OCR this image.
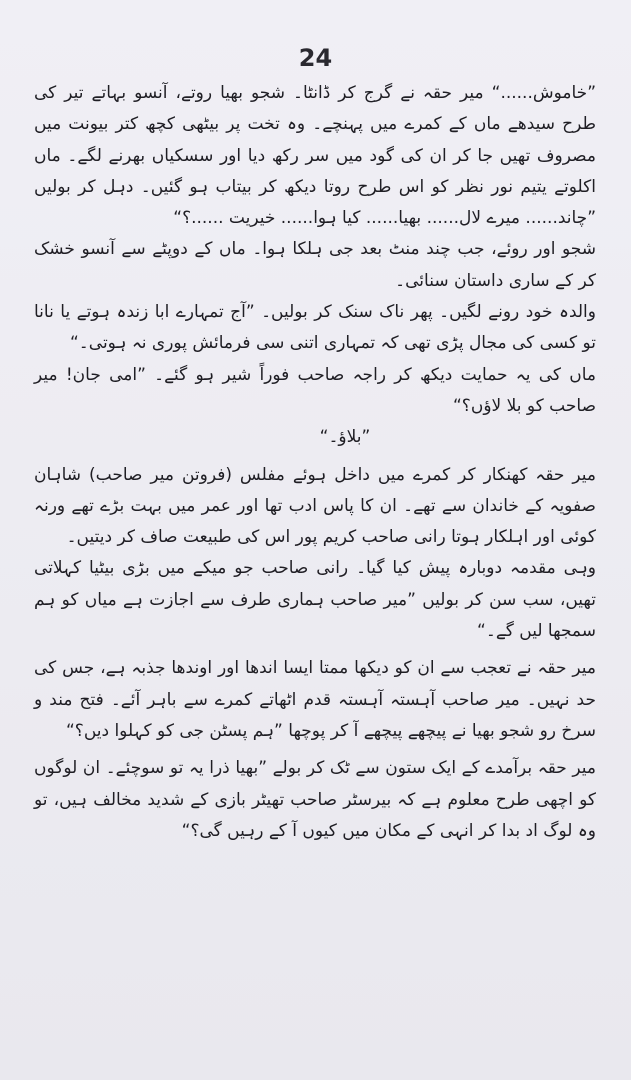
24

”خاموش......“ میر حقہ نے گرج کر ڈانٹا۔ شجو بھیا روتے، آنسو بہاتے تیر کی طرح سیدھے ماں کے کمرے میں پہنچے۔ وہ تخت پر بیٹھی کچھ کتر بیونت میں مصروف تھیں جا کر ان کی گود میں سر رکھ دیا اور سسکیاں بھرنے لگے۔ ماں اکلوتے یتیم نور نظر کو اس طرح روتا دیکھ کر بیتاب ہو گئیں۔ دہل کر بولیں ”چاند...... میرے لال...... بھیا...... کیا ہوا...... خیریت ......؟“

شجو اور روئے، جب چند منٹ بعد جی ہلکا ہوا۔ ماں کے دوپٹے سے آنسو خشک کر کے ساری داستان سنائی۔

والدہ خود رونے لگیں۔ پھر ناک سنک کر بولیں۔ ”آج تمہارے ابا زندہ ہوتے یا نانا تو کسی کی مجال پڑی تھی کہ تمہاری اتنی سی فرمائش پوری نہ ہوتی۔“

ماں کی یہ حمایت دیکھ کر راجہ صاحب فوراً شیر ہو گئے۔ ”امی جان! میر صاحب کو بلا لاؤں؟“

”بلاؤ۔“

میر حقہ کھنکار کر کمرے میں داخل ہوئے مفلس (فروتن میر صاحب) شاہان صفویہ کے خاندان سے تھے۔ ان کا پاس ادب تھا اور عمر میں بہت بڑے تھے ورنہ کوئی اور اہلکار ہوتا رانی صاحب کریم پور اس کی طبیعت صاف کر دیتیں۔

وہی مقدمہ دوبارہ پیش کیا گیا۔ رانی صاحب جو میکے میں بڑی بیٹیا کہلاتی تھیں، سب سن کر بولیں ”میر صاحب ہماری طرف سے اجازت ہے میاں کو ہم سمجھا لیں گے۔“

میر حقہ نے تعجب سے ان کو دیکھا ممتا ایسا اندھا اور اوندھا جذبہ ہے، جس کی حد نہیں۔ میر صاحب آہستہ آہستہ قدم اٹھاتے کمرے سے باہر آئے۔ فتح مند و سرخ رو شجو بھیا نے پیچھے پیچھے آ کر پوچھا ”ہم پسٹن جی کو کہلوا دیں؟“

میر حقہ برآمدے کے ایک ستون سے ٹک کر بولے ”بھیا ذرا یہ تو سوچئے۔ ان لوگوں کو اچھی طرح معلوم ہے کہ بیرسٹر صاحب تھیٹر بازی کے شدید مخالف ہیں، تو وہ لوگ اد بدا کر انہی کے مکان میں کیوں آ کے رہیں گی؟“
